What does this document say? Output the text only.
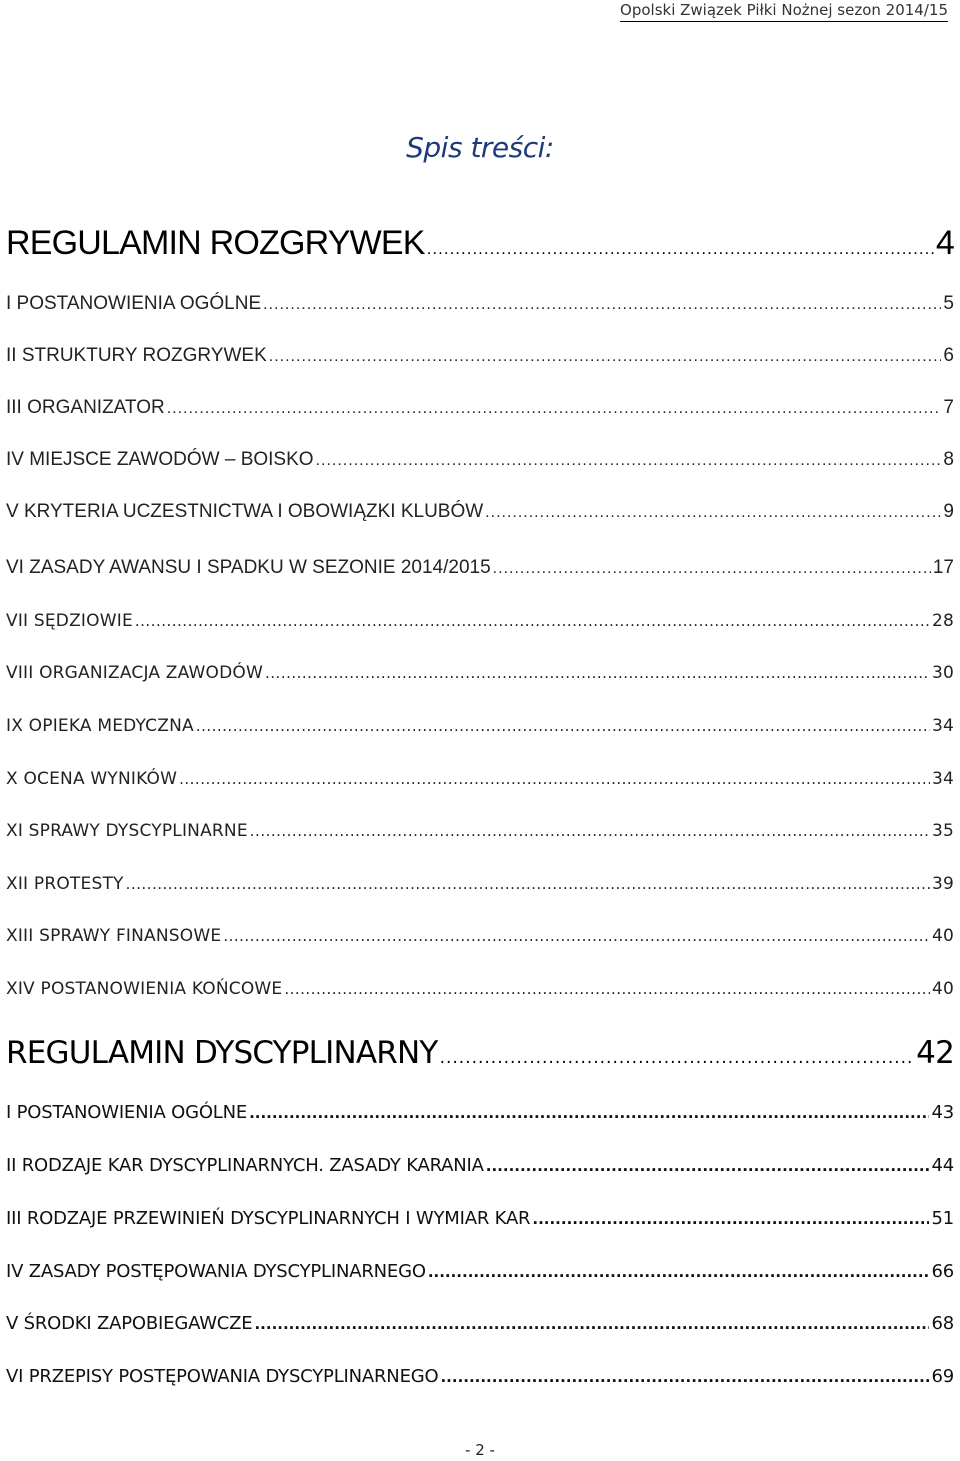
Opolski Związek Piłki Nożnej sezon 2014/15
Spis treści:
REGULAMIN ROZGRYWEK .....	4
I POSTANOWIENIA OGÓLNE .....	5
II STRUKTURY ROZGRYWEK .....	6
III ORGANIZATOR .....	7
IV MIEJSCE ZAWODÓW – BOISKO .....	8
V KRYTERIA UCZESTNICTWA I OBOWIĄZKI KLUBÓW .....	9
VI ZASADY AWANSU I SPADKU W SEZONIE 2014/2015 .....	17
VII SĘDZIOWIE .....	28
VIII ORGANIZACJA ZAWODÓW .....	30
IX OPIEKA MEDYCZNA .....	34
X OCENA WYNIKÓW .....	34
XI SPRAWY DYSCYPLINARNE .....	35
XII PROTESTY .....	39
XIII SPRAWY FINANSOWE .....	40
XIV POSTANOWIENIA KOŃCOWE .....	40
REGULAMIN DYSCYPLINARNY .....	42
I POSTANOWIENIA OGÓLNE .....	43
II RODZAJE KAR DYSCYPLINARNYCH. ZASADY KARANIA .....	44
III RODZAJE PRZEWINIEŃ DYSCYPLINARNYCH I WYMIAR KAR .....	51
IV ZASADY POSTĘPOWANIA DYSCYPLINARNEGO .....	66
V ŚRODKI ZAPOBIEGAWCZE .....	68
VI PRZEPISY POSTĘPOWANIA DYSCYPLINARNEGO .....	69
- 2 -
